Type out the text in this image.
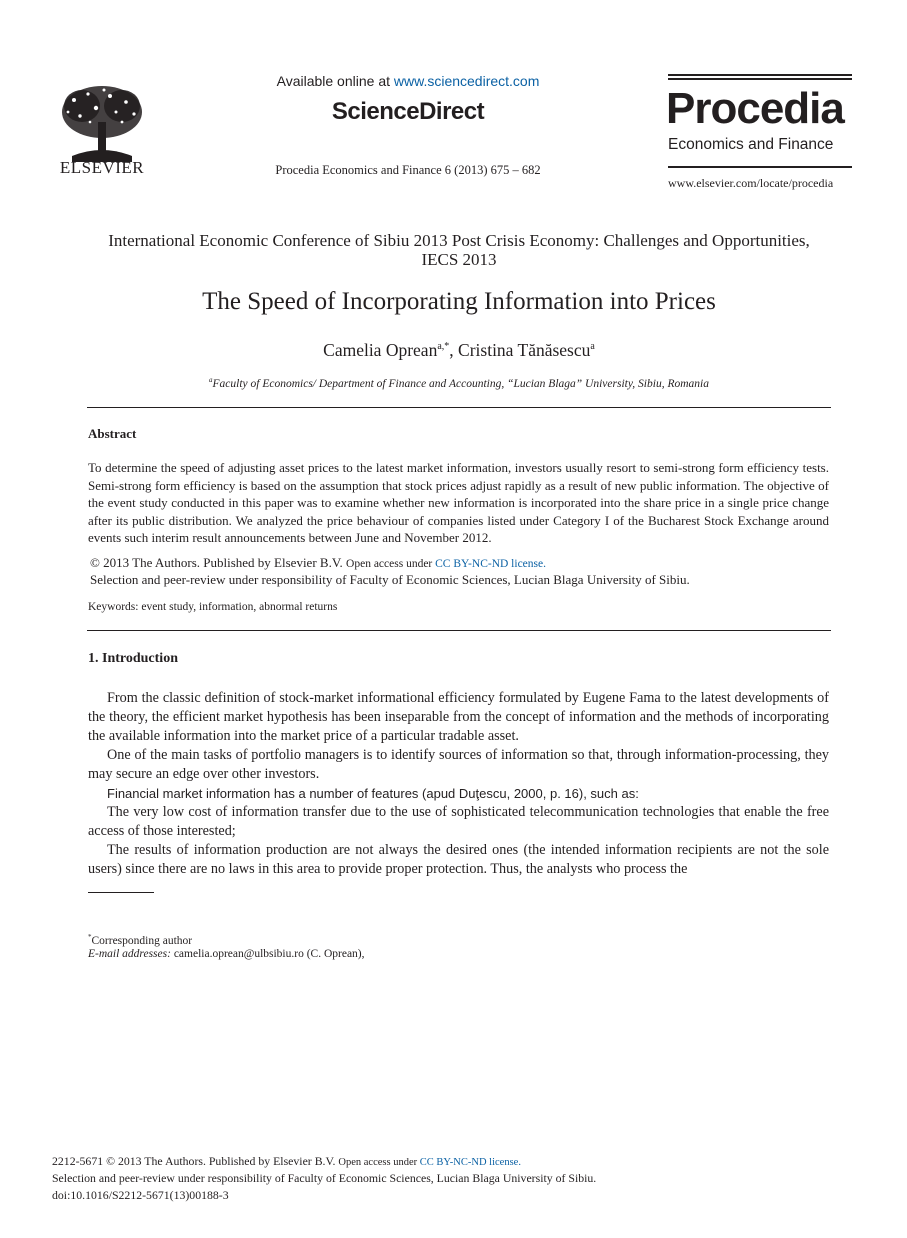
ELSEVIER
Available online at www.sciencedirect.com
ScienceDirect
Procedia Economics and Finance 6 (2013) 675 – 682
Procedia
Economics and Finance
www.elsevier.com/locate/procedia
International Economic Conference of Sibiu 2013 Post Crisis Economy: Challenges and Opportunities, IECS 2013
The Speed of Incorporating Information into Prices
Camelia Oprean$^{a,*}$, Cristina Tănăsescu$^a$
$^a$Faculty of Economics/ Department of Finance and Accounting, “Lucian Blaga” University, Sibiu, Romania
Abstract
To determine the speed of adjusting asset prices to the latest market information, investors usually resort to semi-strong form efficiency tests. Semi-strong form efficiency is based on the assumption that stock prices adjust rapidly as a result of new public information. The objective of the event study conducted in this paper was to examine whether new information is incorporated into the share price in a single price change after its public distribution. We analyzed the price behaviour of companies listed under Category I of the Bucharest Stock Exchange around events such interim result announcements between June and November 2012.
© 2013 The Authors. Published by Elsevier B.V. Open access under CC BY-NC-ND license.
Selection and peer-review under responsibility of Faculty of Economic Sciences, Lucian Blaga University of Sibiu.
Keywords: event study, information, abnormal returns
1. Introduction

From the classic definition of stock-market informational efficiency formulated by Eugene Fama to the latest developments of the theory, the efficient market hypothesis has been inseparable from the concept of information and the methods of incorporating the available information into the market price of a particular tradable asset.

One of the main tasks of portfolio managers is to identify sources of information so that, through information-processing, they may secure an edge over other investors.

Financial market information has a number of features (apud Duţescu, 2000, p. 16), such as:

The very low cost of information transfer due to the use of sophisticated telecommunication technologies that enable the free access of those interested;

The results of information production are not always the desired ones (the intended information recipients are not the sole users) since there are no laws in this area to provide proper protection. Thus, the analysts who process the

*Corresponding author
E-mail addresses: camelia.oprean@ulbsibiu.ro (C. Oprean),
2212-5671 © 2013 The Authors. Published by Elsevier B.V. Open access under CC BY-NC-ND license.
Selection and peer-review under responsibility of Faculty of Economic Sciences, Lucian Blaga University of Sibiu.
doi:10.1016/S2212-5671(13)00188-3
